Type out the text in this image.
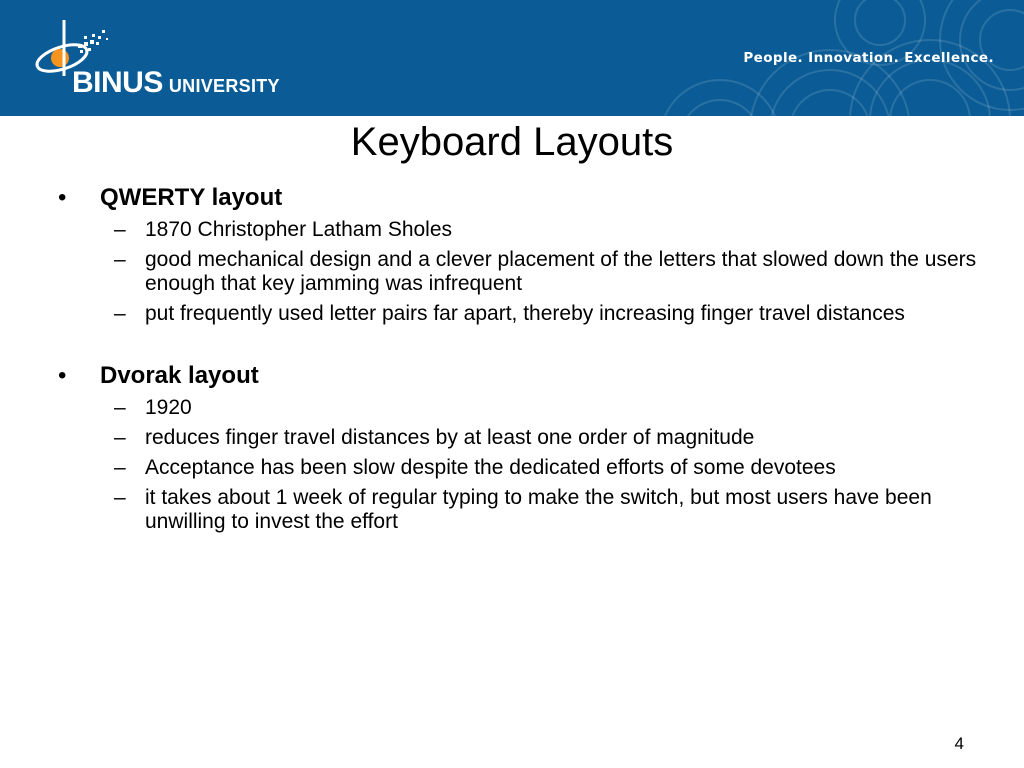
BINUS UNIVERSITY
People. Innovation. Excellence.
Keyboard Layouts
• QWERTY layout
– 1870 Christopher Latham Sholes
– good mechanical design and a clever placement of the letters that slowed down the users enough that key jamming was infrequent
– put frequently used letter pairs far apart, thereby increasing finger travel distances
• Dvorak layout
– 1920
– reduces finger travel distances by at least one order of magnitude
– Acceptance has been slow despite the dedicated efforts of some devotees
– it takes about 1 week of regular typing to make the switch, but most users have been unwilling to invest the effort
4
